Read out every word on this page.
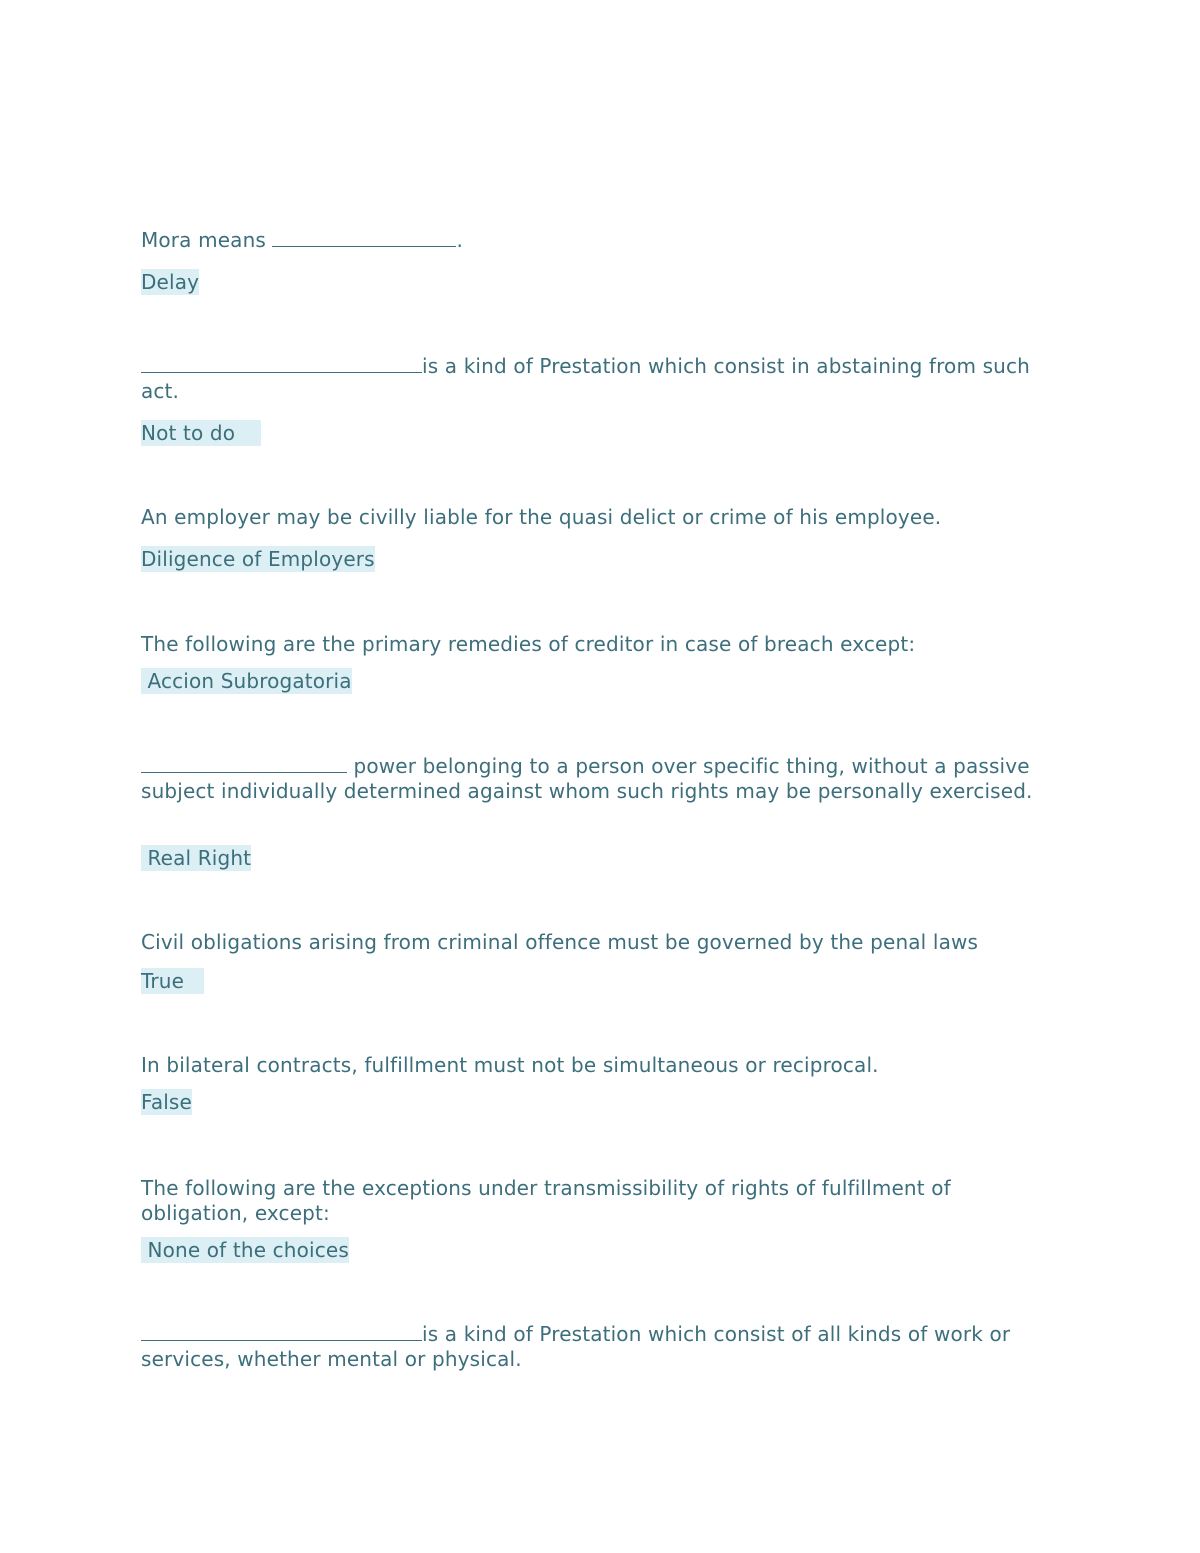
Mora means	.

Delay

is a kind of Prestation which consist in abstaining from such act.

Not to do

An employer may be civilly liable for the quasi delict or crime of his employee.

Diligence of Employers

The following are the primary remedies of creditor in case of breach except:

Accion Subrogatoria

power belonging to a person over specific thing, without a passive subject individually determined against whom such rights may be personally exercised.

Real Right

Civil obligations arising from criminal offence must be governed by the penal laws

True

In bilateral contracts, fulfillment must not be simultaneous or reciprocal.

False

The following are the exceptions under transmissibility of rights of fulfillment of obligation, except:

None of the choices

is a kind of Prestation which consist of all kinds of work or services, whether mental or physical.
